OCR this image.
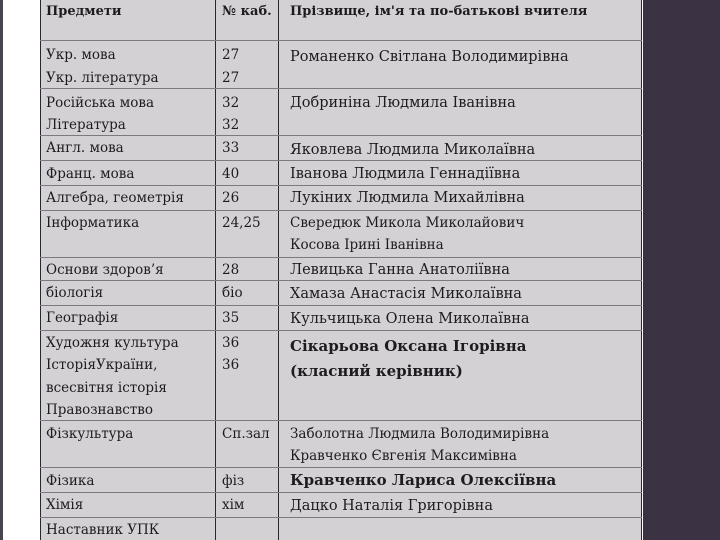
Предмети	№ каб. Прізвище, ім'я та по-батькові вчителя
Укр. мова
Укр. література
Російська мова
Література
Англ. мова
Франц. мова
Алгебра, геометрія
Інформатика
Основи здоров’я
біологія
Географія
Художня культура
ІсторіяУкраїни,
всесвітня історія
Правознавство
Фізкультура
Фізика
Хімія
Наставник УПК
27
27
32
32
33
40
26
24,25
28
біо
35
36
36
Сп.зал
фіз
хім
Романенко Світлана Володимирівна
Добриніна Людмила Іванівна
Яковлева Людмила Миколаївна
Іванова Людмила Геннадіївна
Лукіних Людмила Михайлівна
Свередюк Микола Миколайович
Косова Ірині Іванівна
Левицька Ганна Анатоліївна
Хамаза Анастасія Миколаївна
Кульчицька Олена Миколаївна
Сікарьова Оксана Ігорівна
(класний керівник)
Заболотна Людмила Володимирівна
Кравченко Євгенія Максимівна
Кравченко Лариса Олексіївна
Дацко Наталія Григорівна
